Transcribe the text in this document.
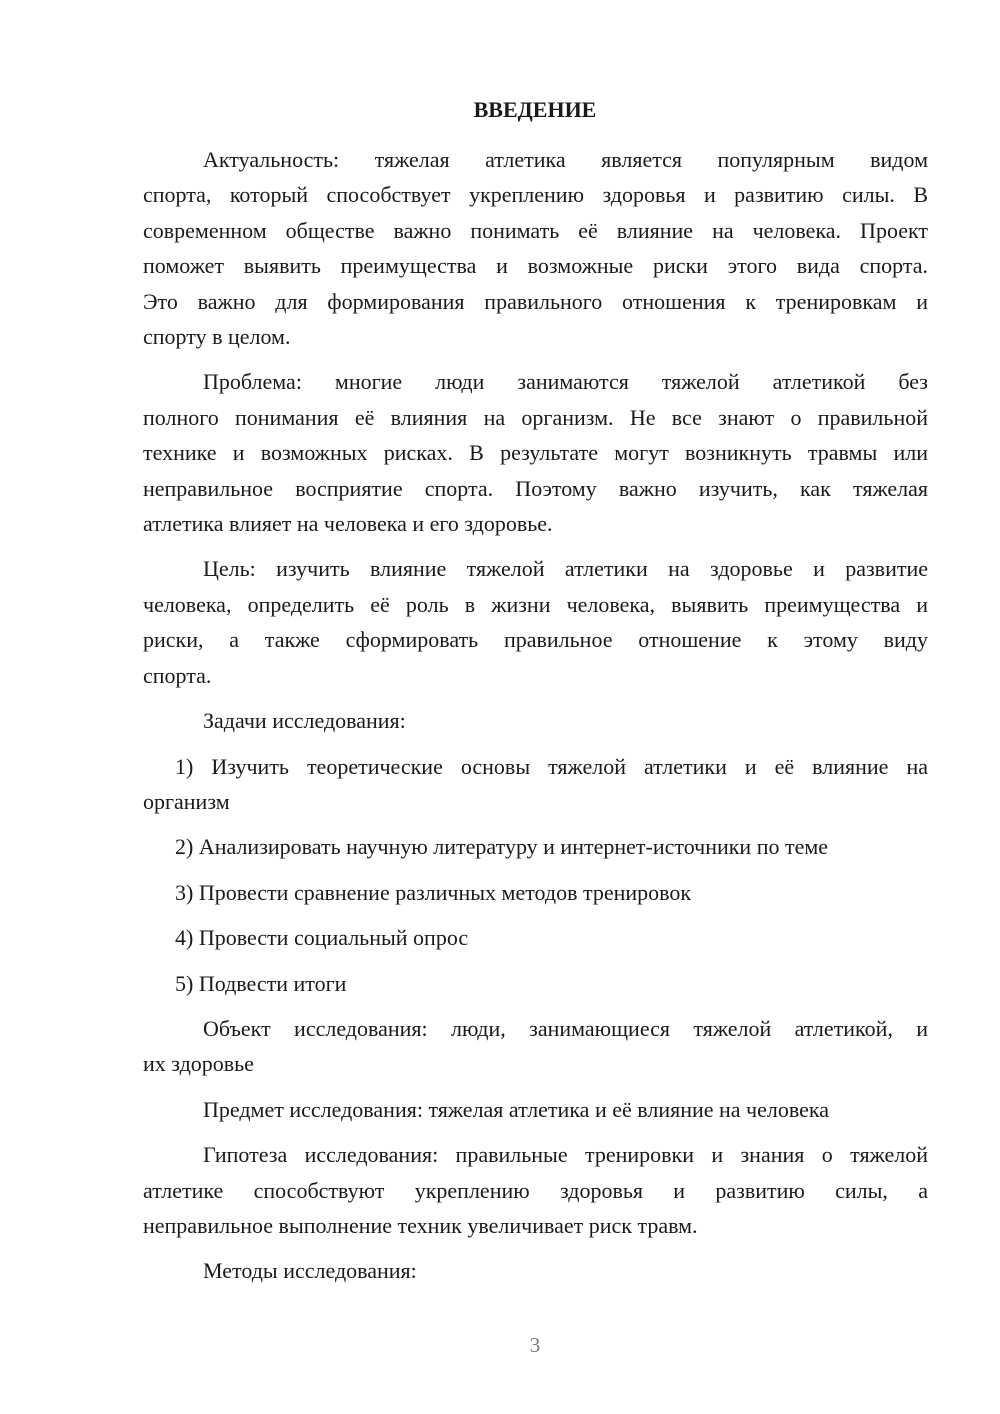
ВВЕДЕНИЕ
Актуальность: тяжелая атлетика является популярным видом
спорта, который способствует укреплению здоровья и развитию силы. В
современном обществе важно понимать её влияние на человека. Проект
поможет выявить преимущества и возможные риски этого вида спорта.
Это важно для формирования правильного отношения к тренировкам и
спорту в целом.
Проблема: многие люди занимаются тяжелой атлетикой без
полного понимания её влияния на организм. Не все знают о правильной
технике и возможных рисках. В результате могут возникнуть травмы или
неправильное восприятие спорта. Поэтому важно изучить, как тяжелая
атлетика влияет на человека и его здоровье.
Цель: изучить влияние тяжелой атлетики на здоровье и развитие
человека, определить её роль в жизни человека, выявить преимущества и
риски, а также сформировать правильное отношение к этому виду
спорта.
Задачи исследования:
1) Изучить теоретические основы тяжелой атлетики и её влияние на
организм
2) Анализировать научную литературу и интернет-источники по теме
3) Провести сравнение различных методов тренировок
4) Провести социальный опрос
5) Подвести итоги
Объект исследования: люди, занимающиеся тяжелой атлетикой, и
их здоровье
Предмет исследования: тяжелая атлетика и её влияние на человека
Гипотеза исследования: правильные тренировки и знания о тяжелой
атлетике способствуют укреплению здоровья и развитию силы, а
неправильное выполнение техник увеличивает риск травм.
Методы исследования:
3
